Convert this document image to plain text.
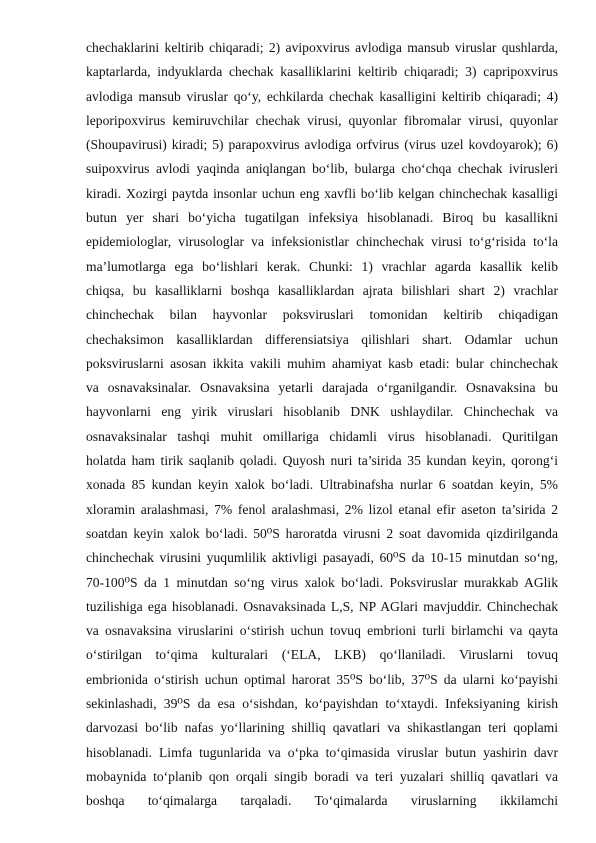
chechaklarini keltirib chiqaradi; 2) avipoxvirus avlodiga mansub viruslar qushlarda,
kaptarlarda, indyuklarda chechak kasalliklarini keltirib chiqaradi; 3) capripoxvirus
avlodiga mansub viruslar qo‘y, echkilarda chechak kasalligini keltirib chiqaradi; 4)
leporipoxvirus kemiruvchilar chechak virusi, quyonlar fibromalar virusi, quyonlar
(Shoupavirusi) kiradi; 5) parapoxvirus avlodiga orfvirus (virus uzel kovdoyarok); 6)
suipoxvirus avlodi yaqinda aniqlangan bo‘lib, bularga cho‘chqa chechak ivirusleri
kiradi. Xozirgi paytda insonlar uchun eng xavfli bo‘lib kelgan chinchechak kasalligi
butun yer shari bo‘yicha tugatilgan infeksiya hisoblanadi. Biroq bu kasallikni
epidemiologlar, virusologlar va infeksionistlar chinchechak virusi to‘g‘risida to‘la
ma’lumotlarga ega bo‘lishlari kerak. Chunki: 1) vrachlar agarda kasallik kelib
chiqsa, bu kasalliklarni boshqa kasalliklardan ajrata bilishlari shart 2) vrachlar
chinchechak bilan hayvonlar poksviruslari tomonidan keltirib chiqadigan
chechaksimon kasalliklardan differensiatsiya qilishlari shart. Odamlar uchun
poksviruslarni asosan ikkita vakili muhim ahamiyat kasb etadi: bular chinchechak
va osnavaksinalar. Osnavaksina yetarli darajada o‘rganilgandir. Osnavaksina bu
hayvonlarni eng yirik viruslari hisoblanib DNK ushlaydilar. Chinchechak va
osnavaksinalar tashqi muhit omillariga chidamli virus hisoblanadi. Quritilgan
holatda ham tirik saqlanib qoladi. Quyosh nuri ta’sirida 35 kundan keyin, qorong‘i
xonada 85 kundan keyin xalok bo‘ladi. Ultrabinafsha nurlar 6 soatdan keyin, 5%
xloramin aralashmasi, 7% fenol aralashmasi, 2% lizol etanal efir aseton ta’sirida 2
soatdan keyin xalok bo‘ladi. 50⁰S haroratda virusni 2 soat davomida qizdirilganda
chinchechak virusini yuqumlilik aktivligi pasayadi, 60⁰S da 10-15 minutdan so‘ng,
70-100⁰S da 1 minutdan so‘ng virus xalok bo‘ladi. Poksviruslar murakkab AGlik
tuzilishiga ega hisoblanadi. Osnavaksinada L,S, NP AGlari mavjuddir. Chinchechak
va osnavaksina viruslarini o‘stirish uchun tovuq embrioni turli birlamchi va qayta
o‘stirilgan to‘qima kulturalari (‘ELA, LKB) qo‘llaniladi. Viruslarni tovuq
embrionida o‘stirish uchun optimal harorat 35⁰S bo‘lib, 37⁰S da ularni ko‘payishi
sekinlashadi, 39⁰S da esa o‘sishdan, ko‘payishdan to‘xtaydi. Infeksiyaning kirish
darvozasi bo‘lib nafas yo‘llarining shilliq qavatlari va shikastlangan teri qoplami
hisoblanadi. Limfa tugunlarida va o‘pka to‘qimasida viruslar butun yashirin davr
mobaynida to‘planib qon orqali singib boradi va teri yuzalari shilliq qavatlari va
boshqa to‘qimalarga tarqaladi. To‘qimalarda viruslarning ikkilamchi
